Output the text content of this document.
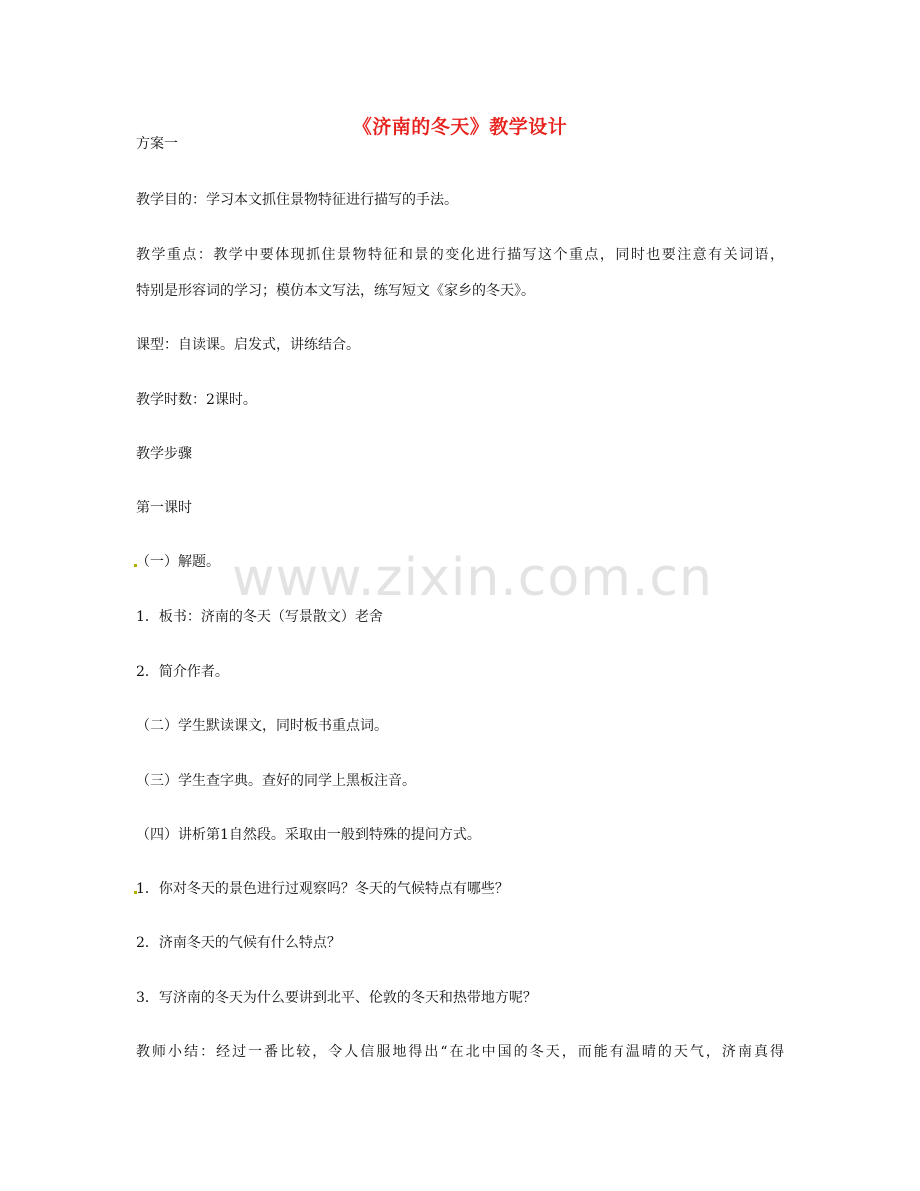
《济南的冬天》教学设计
方案一
教学目的：学习本文抓住景物特征进行描写的手法。
教学重点：教学中要体现抓住景物特征和景的变化进行描写这个重点，同时也要注意有关词语，
特别是形容词的学习；模仿本文写法，练写短文《家乡的冬天》。
课型：自读课。启发式，讲练结合。
教学时数：2课时。
教学步骤
第一课时
（一）解题。
1．板书：济南的冬天（写景散文）老舍
2．简介作者。
（二）学生默读课文，同时板书重点词。
（三）学生查字典。查好的同学上黑板注音。
（四）讲析第1自然段。采取由一般到特殊的提问方式。
1．你对冬天的景色进行过观察吗？冬天的气候特点有哪些？
2．济南冬天的气候有什么特点？
3．写济南的冬天为什么要讲到北平、伦敦的冬天和热带地方呢？
教师小结：经过一番比较，令人信服地得出“在北中国的冬天，而能有温晴的天气，济南真得
www.zixin.com.cn
